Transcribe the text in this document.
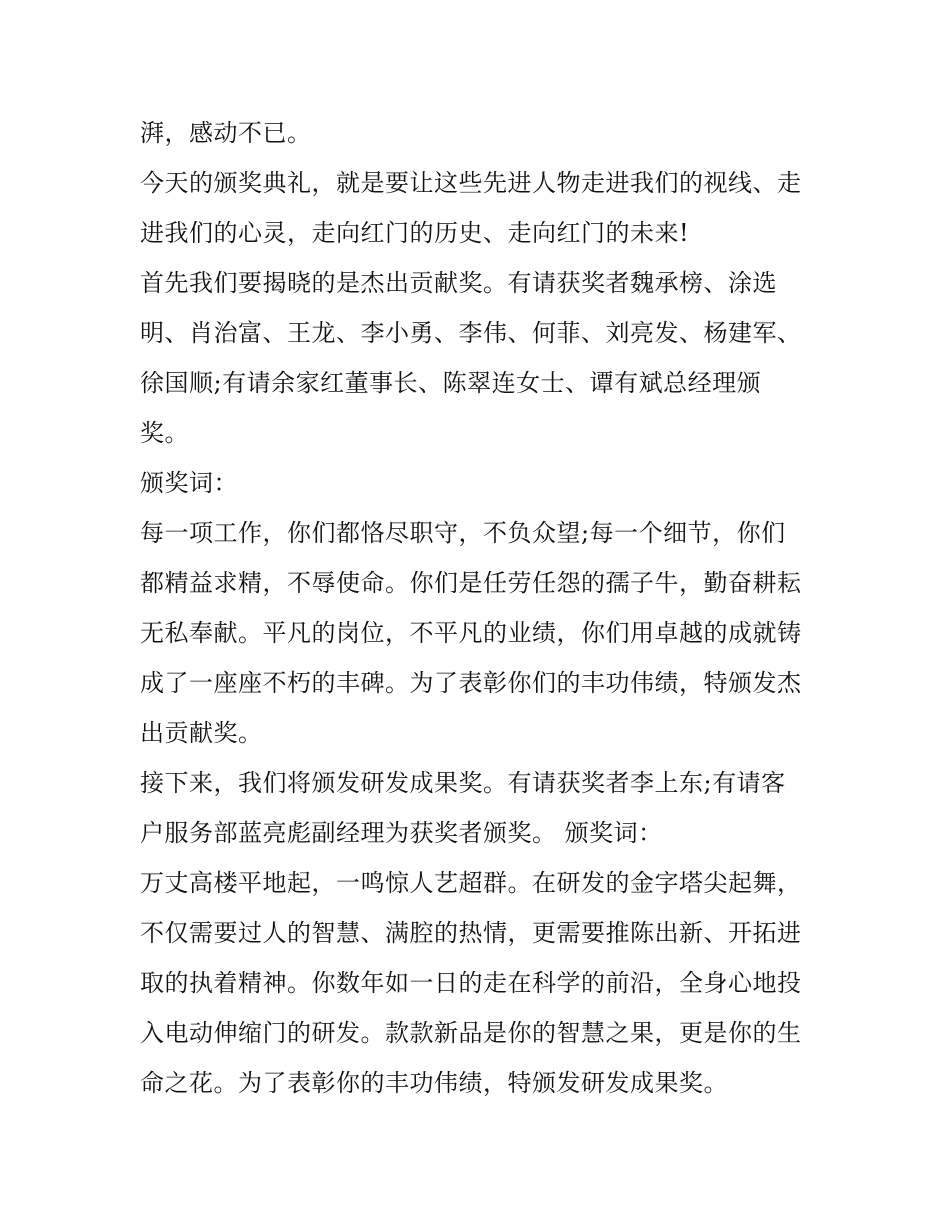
湃，感动不已。
今天的颁奖典礼，就是要让这些先进人物走进我们的视线、走
进我们的心灵，走向红门的历史、走向红门的未来!
首先我们要揭晓的是杰出贡献奖。有请获奖者魏承榜、涂选
明、肖治富、王龙、李小勇、李伟、何菲、刘亮发、杨建军、
徐国顺;有请余家红董事长、陈翠连女士、谭有斌总经理颁
奖。
颁奖词：
每一项工作，你们都恪尽职守，不负众望;每一个细节，你们
都精益求精，不辱使命。你们是任劳任怨的孺子牛，勤奋耕耘
无私奉献。平凡的岗位，不平凡的业绩，你们用卓越的成就铸
成了一座座不朽的丰碑。为了表彰你们的丰功伟绩，特颁发杰
出贡献奖。
接下来，我们将颁发研发成果奖。有请获奖者李上东;有请客
户服务部蓝亮彪副经理为获奖者颁奖。 颁奖词：
万丈高楼平地起，一鸣惊人艺超群。在研发的金字塔尖起舞，
不仅需要过人的智慧、满腔的热情，更需要推陈出新、开拓进
取的执着精神。你数年如一日的走在科学的前沿，全身心地投
入电动伸缩门的研发。款款新品是你的智慧之果，更是你的生
命之花。为了表彰你的丰功伟绩，特颁发研发成果奖。
